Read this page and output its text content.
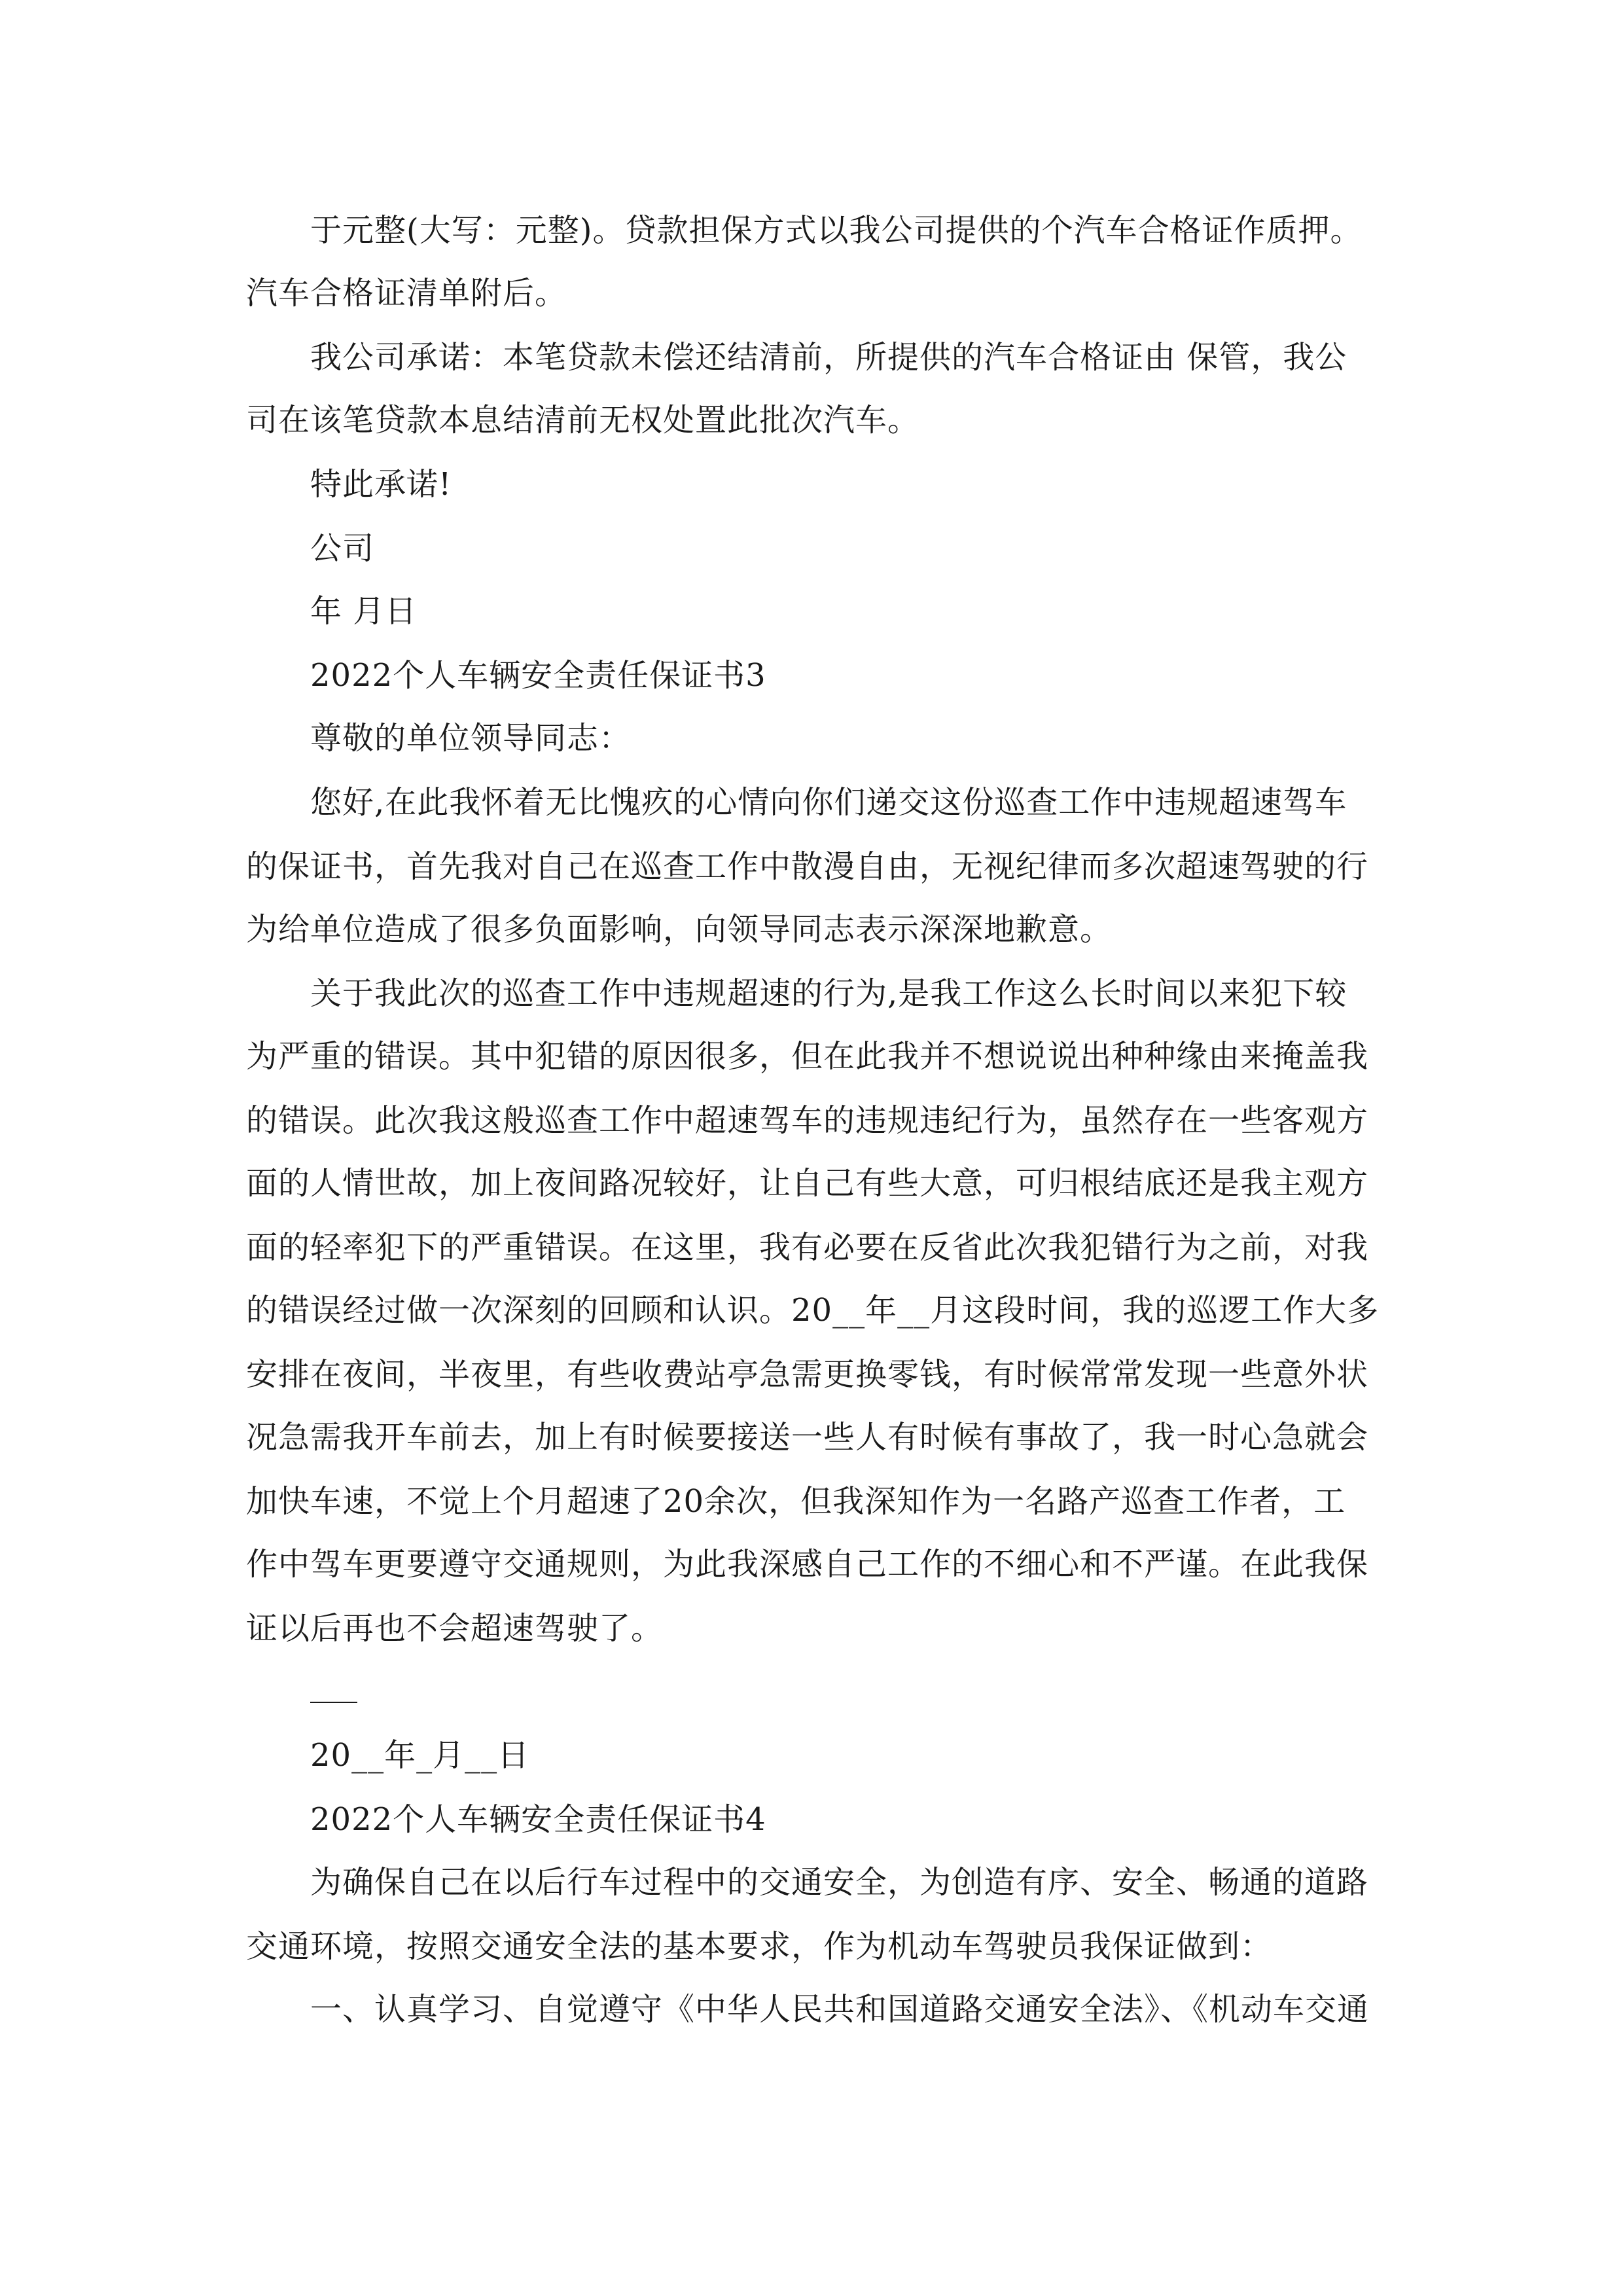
于元整(大写：元整)。贷款担保方式以我公司提供的个汽车合格证作质押。
汽车合格证清单附后。
我公司承诺：本笔贷款未偿还结清前，所提供的汽车合格证由 保管，我公
司在该笔贷款本息结清前无权处置此批次汽车。
特此承诺!
公司
年 月日
2022个人车辆安全责任保证书3
尊敬的单位领导同志：
您好,在此我怀着无比愧疚的心情向你们递交这份巡查工作中违规超速驾车
的保证书，首先我对自己在巡查工作中散漫自由，无视纪律而多次超速驾驶的行
为给单位造成了很多负面影响，向领导同志表示深深地歉意。
关于我此次的巡查工作中违规超速的行为,是我工作这么长时间以来犯下较
为严重的错误。其中犯错的原因很多，但在此我并不想说说出种种缘由来掩盖我
的错误。此次我这般巡查工作中超速驾车的违规违纪行为，虽然存在一些客观方
面的人情世故，加上夜间路况较好，让自己有些大意，可归根结底还是我主观方
面的轻率犯下的严重错误。在这里，我有必要在反省此次我犯错行为之前，对我
的错误经过做一次深刻的回顾和认识。20__年__月这段时间，我的巡逻工作大多
安排在夜间，半夜里，有些收费站亭急需更换零钱，有时候常常发现一些意外状
况急需我开车前去，加上有时候要接送一些人有时候有事故了，我一时心急就会
加快车速，不觉上个月超速了20余次，但我深知作为一名路产巡查工作者，工
作中驾车更要遵守交通规则，为此我深感自己工作的不细心和不严谨。在此我保
证以后再也不会超速驾驶了。
20__年_月__日
2022个人车辆安全责任保证书4
为确保自己在以后行车过程中的交通安全，为创造有序、安全、畅通的道路
交通环境，按照交通安全法的基本要求，作为机动车驾驶员我保证做到：
一、认真学习、自觉遵守《中华人民共和国道路交通安全法》、《机动车交通
